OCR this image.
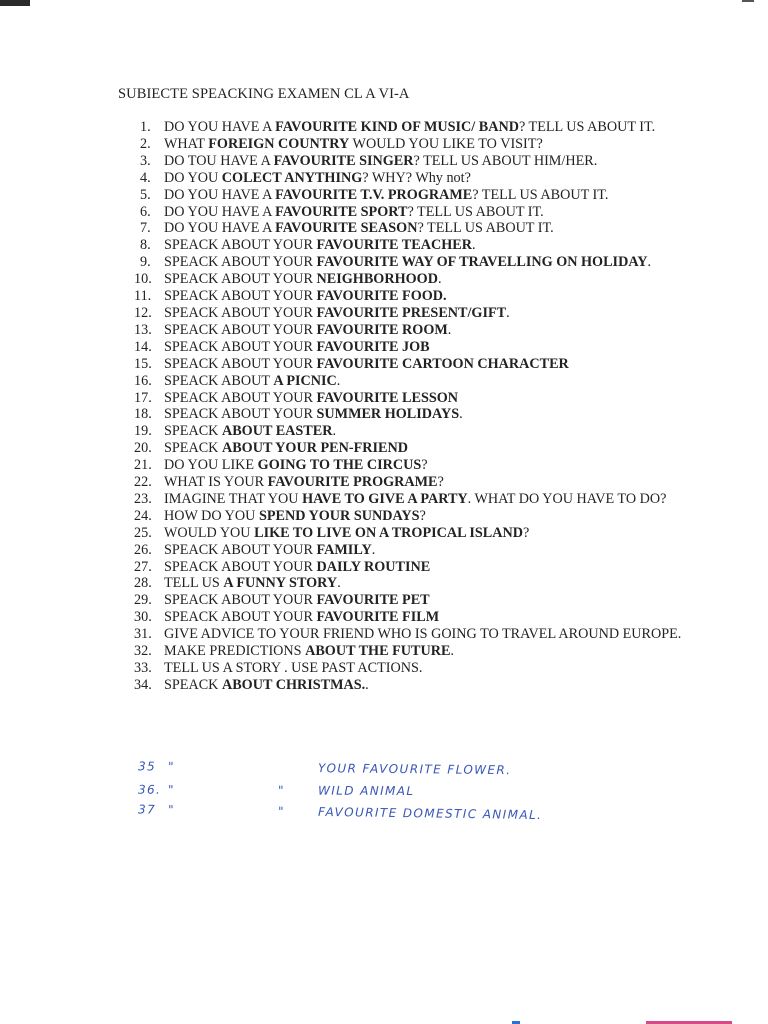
SUBIECTE SPEACKING EXAMEN CL A VI-A
1. DO YOU HAVE A FAVOURITE KIND OF MUSIC/ BAND? TELL US ABOUT IT.
2. WHAT FOREIGN COUNTRY WOULD YOU LIKE TO VISIT?
3. DO TOU HAVE A FAVOURITE SINGER? TELL US ABOUT HIM/HER.
4. DO YOU COLECT ANYTHING? WHY? Why not?
5. DO YOU HAVE A FAVOURITE T.V. PROGRAME? TELL US ABOUT IT.
6. DO YOU HAVE A FAVOURITE SPORT? TELL US ABOUT IT.
7. DO YOU HAVE A FAVOURITE SEASON? TELL US ABOUT IT.
8. SPEACK ABOUT YOUR FAVOURITE TEACHER.
9. SPEACK ABOUT YOUR FAVOURITE WAY OF TRAVELLING ON HOLIDAY.
10. SPEACK ABOUT YOUR NEIGHBORHOOD.
11. SPEACK ABOUT YOUR FAVOURITE FOOD.
12. SPEACK ABOUT YOUR FAVOURITE PRESENT/GIFT.
13. SPEACK ABOUT YOUR FAVOURITE ROOM.
14. SPEACK ABOUT YOUR FAVOURITE JOB
15. SPEACK ABOUT YOUR FAVOURITE CARTOON CHARACTER
16. SPEACK ABOUT A PICNIC.
17. SPEACK ABOUT YOUR FAVOURITE LESSON
18. SPEACK ABOUT YOUR SUMMER HOLIDAYS.
19. SPEACK ABOUT EASTER.
20. SPEACK ABOUT YOUR PEN-FRIEND
21. DO YOU LIKE GOING TO THE CIRCUS?
22. WHAT IS YOUR FAVOURITE PROGRAME?
23. IMAGINE THAT YOU HAVE TO GIVE A PARTY. WHAT DO YOU HAVE TO DO?
24. HOW DO YOU SPEND YOUR SUNDAYS?
25. WOULD YOU LIKE TO LIVE ON A TROPICAL ISLAND?
26. SPEACK ABOUT YOUR FAMILY.
27. SPEACK ABOUT YOUR DAILY ROUTINE
28. TELL US A FUNNY STORY.
29. SPEACK ABOUT YOUR FAVOURITE PET
30. SPEACK ABOUT YOUR FAVOURITE FILM
31. GIVE ADVICE TO YOUR FRIEND WHO IS GOING TO TRAVEL AROUND EUROPE.
32. MAKE PREDICTIONS ABOUT THE FUTURE.
33. TELL US A STORY . USE PAST ACTIONS.
34. SPEACK ABOUT CHRISTMAS..
35 "	YOUR FAVOURITE FLOWER.
36. "	"	WILD ANIMAL
37 "	"	FAVOURITE DOMESTIC ANIMAL.
